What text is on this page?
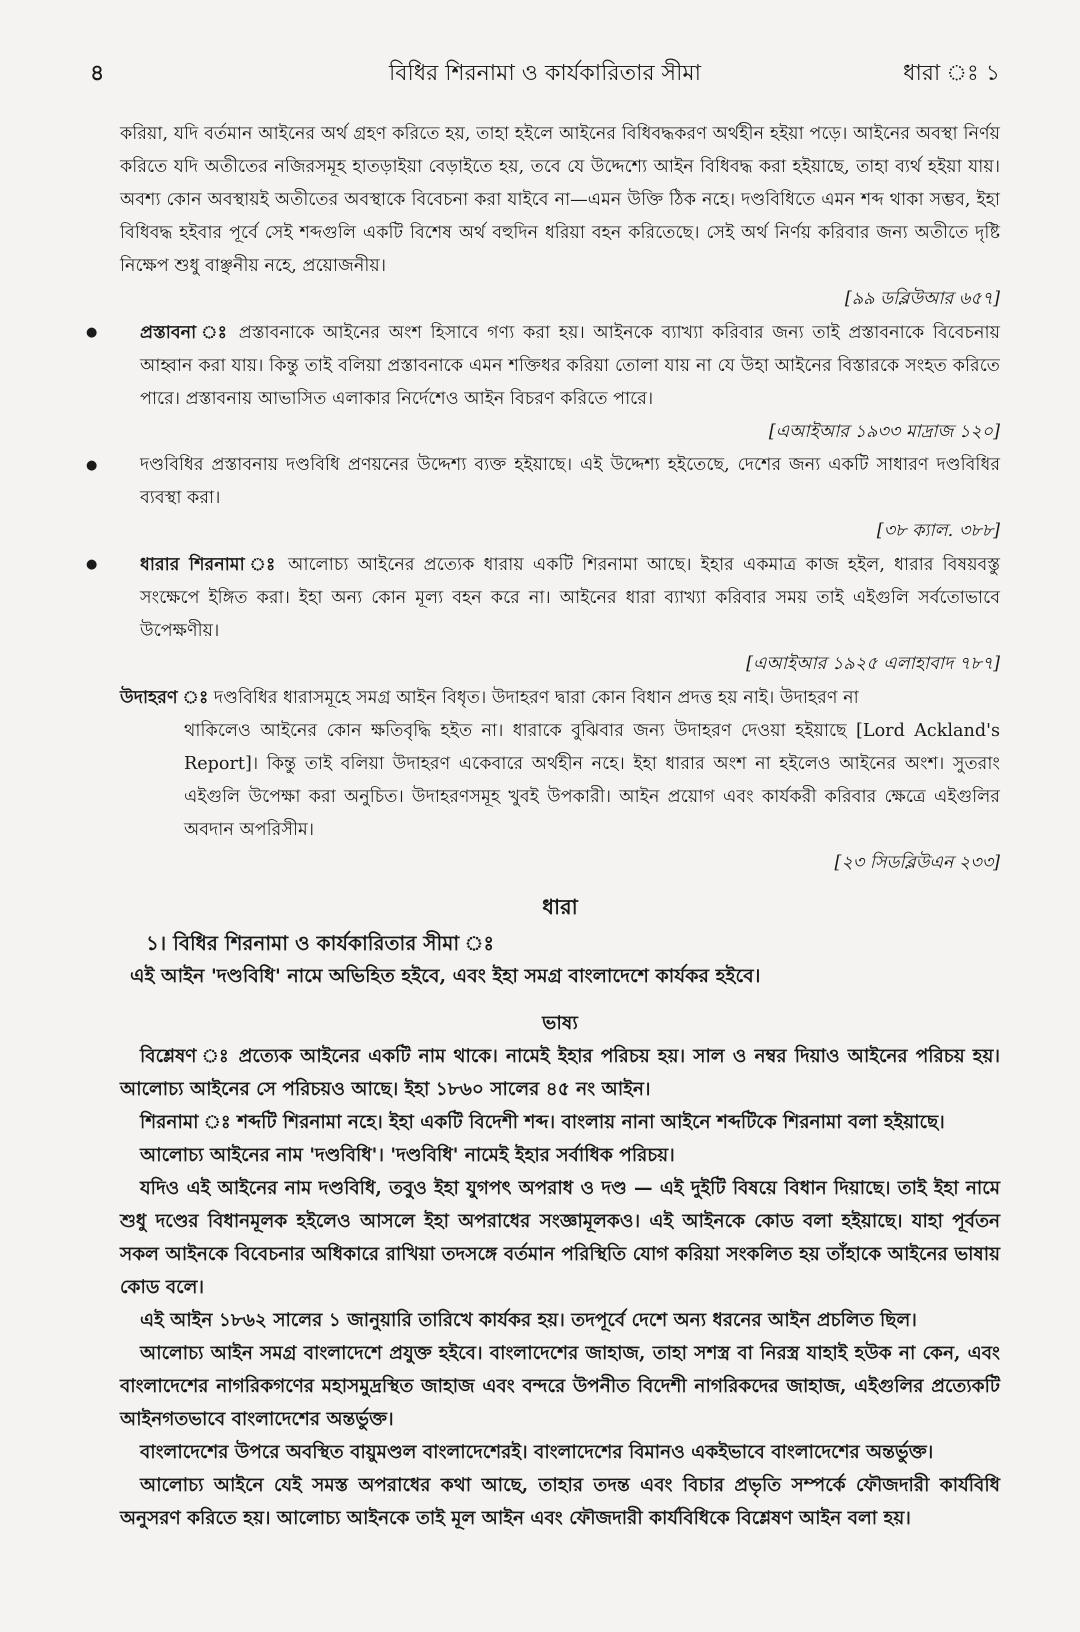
৪	বিধির শিরনামা ও কার্যকারিতার সীমা	ধারা ঃ ১

করিয়া, যদি বর্তমান আইনের অর্থ গ্রহণ করিতে হয়, তাহা হইলে আইনের বিধিবদ্ধকরণ অর্থহীন হইয়া পড়ে। আইনের অবস্থা নির্ণয় করিতে যদি অতীতের নজিরসমূহ হাতড়াইয়া বেড়াইতে হয়, তবে যে উদ্দেশ্যে আইন বিধিবদ্ধ করা হইয়াছে, তাহা ব্যর্থ হইয়া যায়। অবশ্য কোন অবস্থায়ই অতীতের অবস্থাকে বিবেচনা করা যাইবে না—এমন উক্তি ঠিক নহে। দণ্ডবিধিতে এমন শব্দ থাকা সম্ভব, ইহা বিধিবদ্ধ হইবার পূর্বে সেই শব্দগুলি একটি বিশেষ অর্থ বহুদিন ধরিয়া বহন করিতেছে। সেই অর্থ নির্ণয় করিবার জন্য অতীতে দৃষ্টি নিক্ষেপ শুধু বাঞ্ছনীয় নহে, প্রয়োজনীয়।
[৯৯ ডব্লিউআর ৬৫৭]

● প্রস্তাবনা ঃ প্রস্তাবনাকে আইনের অংশ হিসাবে গণ্য করা হয়। আইনকে ব্যাখ্যা করিবার জন্য তাই প্রস্তাবনাকে বিবেচনায় আহ্বান করা যায়। কিন্তু তাই বলিয়া প্রস্তাবনাকে এমন শক্তিধর করিয়া তোলা যায় না যে উহা আইনের বিস্তারকে সংহত করিতে পারে। প্রস্তাবনায় আভাসিত এলাকার নির্দেশেও আইন বিচরণ করিতে পারে।
[এআইআর ১৯৩৩ মাদ্রাজ ১২০]

● দণ্ডবিধির প্রস্তাবনায় দণ্ডবিধি প্রণয়নের উদ্দেশ্য ব্যক্ত হইয়াছে। এই উদ্দেশ্য হইতেছে, দেশের জন্য একটি সাধারণ দণ্ডবিধির ব্যবস্থা করা।
[৩৮ ক্যাল. ৩৮৮]

● ধারার শিরনামা ঃ আলোচ্য আইনের প্রত্যেক ধারায় একটি শিরনামা আছে। ইহার একমাত্র কাজ হইল, ধারার বিষয়বস্তু সংক্ষেপে ইঙ্গিত করা। ইহা অন্য কোন মূল্য বহন করে না। আইনের ধারা ব্যাখ্যা করিবার সময় তাই এইগুলি সর্বতোভাবে উপেক্ষণীয়।
[এআইআর ১৯২৫ এলাহাবাদ ৭৮৭]

উদাহরণ ঃ দণ্ডবিধির ধারাসমূহে সমগ্র আইন বিধৃত। উদাহরণ দ্বারা কোন বিধান প্রদত্ত হয় নাই। উদাহরণ না

থাকিলেও আইনের কোন ক্ষতিবৃদ্ধি হইত না। ধারাকে বুঝিবার জন্য উদাহরণ দেওয়া হইয়াছে [Lord Ackland's Report]। কিন্তু তাই বলিয়া উদাহরণ একেবারে অর্থহীন নহে। ইহা ধারার অংশ না হইলেও আইনের অংশ। সুতরাং এইগুলি উপেক্ষা করা অনুচিত। উদাহরণসমূহ খুবই উপকারী। আইন প্রয়োগ এবং কার্যকরী করিবার ক্ষেত্রে এইগুলির অবদান অপরিসীম।
[২৩ সিডব্লিউএন ২৩৩]

ধারা
১। বিধির শিরনামা ও কার্যকারিতার সীমা ঃ

এই আইন 'দণ্ডবিধি' নামে অভিহিত হইবে, এবং ইহা সমগ্র বাংলাদেশে কার্যকর হইবে।

ভাষ্য

বিশ্লেষণ ঃ প্রত্যেক আইনের একটি নাম থাকে। নামেই ইহার পরিচয় হয়। সাল ও নম্বর দিয়াও আইনের পরিচয় হয়। আলোচ্য আইনের সে পরিচয়ও আছে। ইহা ১৮৬০ সালের ৪৫ নং আইন।

শিরনামা ঃ শব্দটি শিরনামা নহে। ইহা একটি বিদেশী শব্দ। বাংলায় নানা আইনে শব্দটিকে শিরনামা বলা হইয়াছে।

আলোচ্য আইনের নাম 'দণ্ডবিধি'। 'দণ্ডবিধি' নামেই ইহার সর্বাধিক পরিচয়।

যদিও এই আইনের নাম দণ্ডবিধি, তবুও ইহা যুগপৎ অপরাধ ও দণ্ড — এই দুইটি বিষয়ে বিধান দিয়াছে। তাই ইহা নামে শুধু দণ্ডের বিধানমূলক হইলেও আসলে ইহা অপরাধের সংজ্ঞামূলকও। এই আইনকে কোড বলা হইয়াছে। যাহা পূর্বতন সকল আইনকে বিবেচনার অধিকারে রাখিয়া তদসঙ্গে বর্তমান পরিস্থিতি যোগ করিয়া সংকলিত হয় তাঁহাকে আইনের ভাষায় কোড বলে।

এই আইন ১৮৬২ সালের ১ জানুয়ারি তারিখে কার্যকর হয়। তদপূর্বে দেশে অন্য ধরনের আইন প্রচলিত ছিল।

আলোচ্য আইন সমগ্র বাংলাদেশে প্রযুক্ত হইবে। বাংলাদেশের জাহাজ, তাহা সশস্ত্র বা নিরস্ত্র যাহাই হউক না কেন, এবং বাংলাদেশের নাগরিকগণের মহাসমুদ্রস্থিত জাহাজ এবং বন্দরে উপনীত বিদেশী নাগরিকদের জাহাজ, এইগুলির প্রত্যেকটি আইনগতভাবে বাংলাদেশের অন্তর্ভুক্ত।

বাংলাদেশের উপরে অবস্থিত বায়ুমণ্ডল বাংলাদেশেরই। বাংলাদেশের বিমানও একইভাবে বাংলাদেশের অন্তর্ভুক্ত।

আলোচ্য আইনে যেই সমস্ত অপরাধের কথা আছে, তাহার তদন্ত এবং বিচার প্রভৃতি সম্পর্কে ফৌজদারী কার্যবিধি অনুসরণ করিতে হয়। আলোচ্য আইনকে তাই মূল আইন এবং ফৌজদারী কার্যবিধিকে বিশ্লেষণ আইন বলা হয়।
